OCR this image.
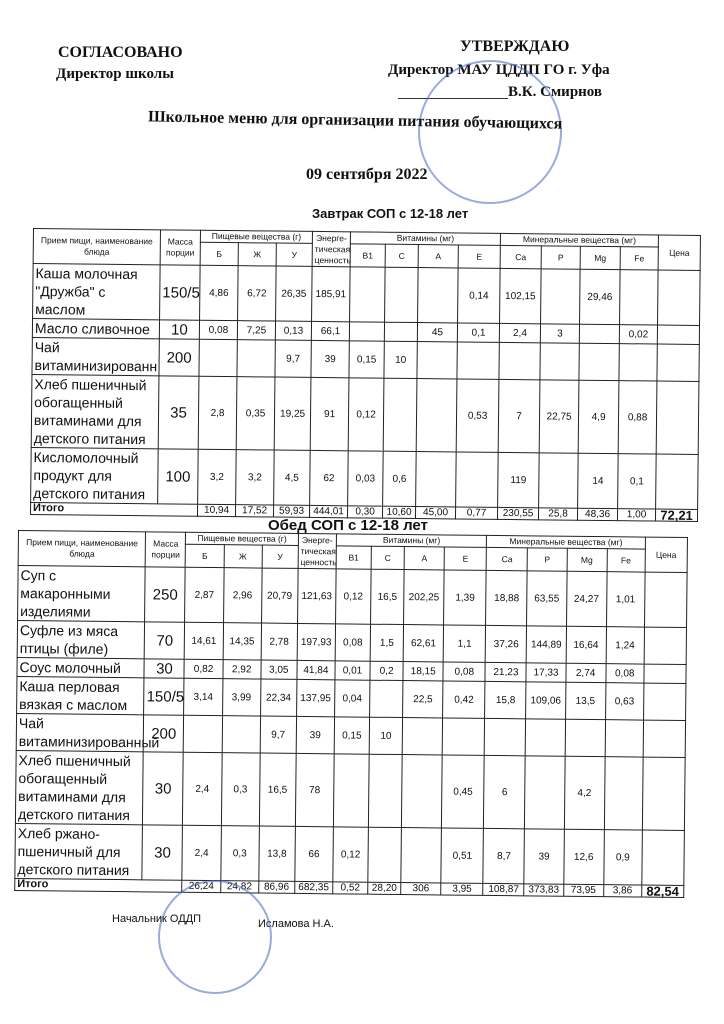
СОГЛАСОВАНО
Директор школы
УТВЕРЖДАЮ
Директор МАУ ЦДДП ГО г. Уфа
В.К. Смирнов
Школьное меню для организации питания обучающихся
09 сентября 2022
Завтрак СОП с 12-18 лет
Обед СОП с 12-18 лет
Прием пищи, наименование блюда	Масса порции	Пищевые вещества (г)			Энерге-тическая ценность	Витамины (мг)				Минеральные вещества (мг)				Цена
		Б	Ж	У		B1	C	A	E	Ca	P	Mg	Fe	
Каша молочная "Дружба" с маслом	150/5	4,86	6,72	26,35	185,91				0,14	102,15		29,46		
Масло сливочное	10	0,08	7,25	0,13	66,1			45	0,1	2,4	3		0,02	
Чай витаминизированн	200			9,7	39	0,15	10							
Хлеб пшеничный обогащенный витаминами для детского питания	35	2,8	0,35	19,25	91	0,12			0,53	7	22,75	4,9	0,88	
Кисломолочный продукт для детского питания	100	3,2	3,2	4,5	62	0,03	0,6			119		14	0,1	
Итого		10,94	17,52	59,93	444,01	0,30	10,60	45,00	0,77	230,55	25,8	48,36	1,00	72,21
Прием пищи, наименование блюда	Масса порции	Пищевые вещества (г)			Энерге-тическая ценность	Витамины (мг)				Минеральные вещества (мг)				Цена
		Б	Ж	У		B1	C	A	E	Ca	P	Mg	Fe	
Суп с макаронными изделиями	250	2,87	2,96	20,79	121,63	0,12	16,5	202,25	1,39	18,88	63,55	24,27	1,01	
Суфле из мяса птицы (филе)	70	14,61	14,35	2,78	197,93	0,08	1,5	62,61	1,1	37,26	144,89	16,64	1,24	
Соус молочный	30	0,82	2,92	3,05	41,84	0,01	0,2	18,15	0,08	21,23	17,33	2,74	0,08	
Каша перловая вязкая с маслом	150/5	3,14	3,99	22,34	137,95	0,04		22,5	0,42	15,8	109,06	13,5	0,63	
Чай витаминизированный	200			9,7	39	0,15	10							
Хлеб пшеничный обогащенный витаминами для детского питания	30	2,4	0,3	16,5	78				0,45	6		4,2		
Хлеб ржано-пшеничный для детского питания	30	2,4	0,3	13,8	66	0,12			0,51	8,7	39	12,6	0,9	
Итого		26,24	24,82	86,96	682,35	0,52	28,20	306	3,95	108,87	373,83	73,95	3,86	82,54
Начальник ОДДП	Исламова Н.А.
